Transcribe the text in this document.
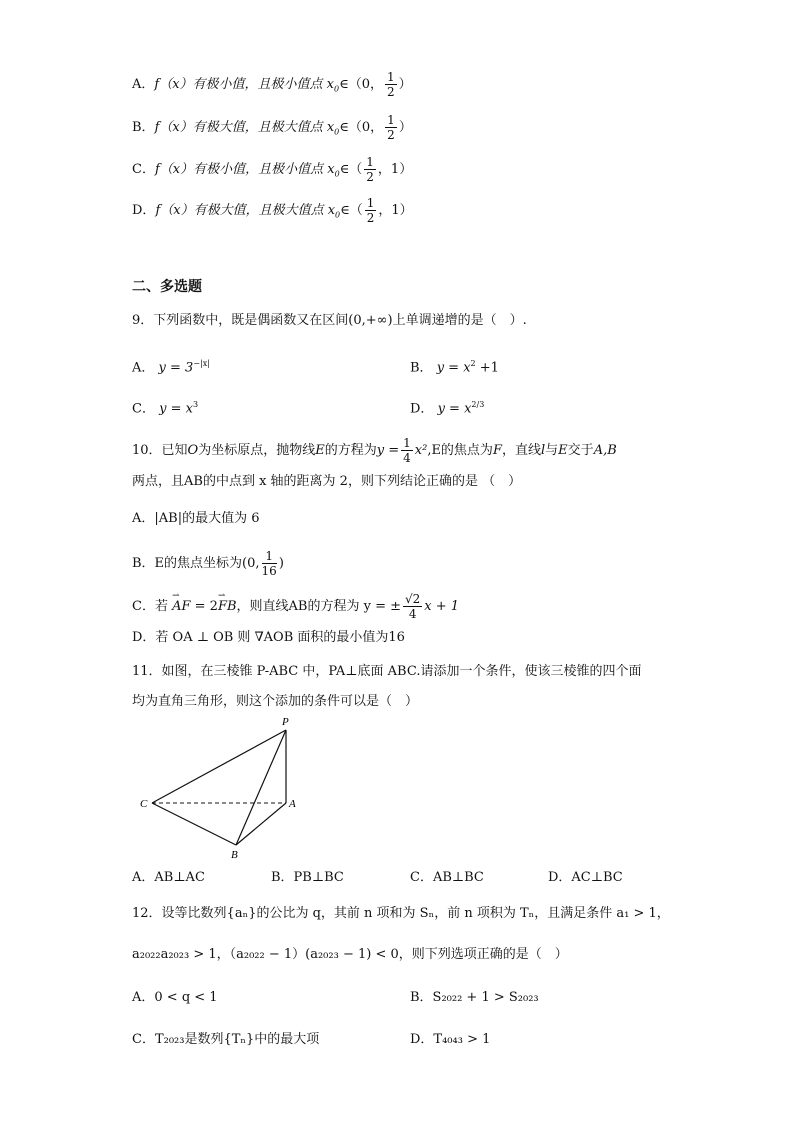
A．f（x）有极小值，且极小值点 $x_0\in(0$， $\frac{1}{2}$ ）
B．f（x）有极大值，且极大值点 $x_0\in(0$， $\frac{1}{2}$ ）
C．f（x）有极小值，且极小值点 $x_0\in( \frac{1}{2}$ ，1）
D．f（x）有极大值，且极大值点 $x_0\in( \frac{1}{2}$ ，1）
二、多选题
9．下列函数中，既是偶函数又在区间(0,+∞)上单调递增的是（　）.
A． $y = 3^{-|x|}$	B． $y = x^2 +1$
C． $y = x^3$	D． $y = x^{2/3}$
10．已知O为坐标原点，抛物线E的方程为$y = \frac{1}{4} x^2,E$的焦点为F，直线l与E交于A,B
两点，且AB的中点到 x 轴的距离为 2，则下列结论正确的是 （　）
A．|AB|的最大值为 6
B．E的焦点坐标为(0, $\frac{1}{16}$ )
C．若 ⇀ AF = 2⇀ FB，则直线AB的方程为 y = ± $\frac{√2}{4}$ x + 1
D．若 OA ⊥ OB 则 ∇AOB 面积的最小值为16
11．如图，在三棱锥 P-ABC 中，PA⊥底面 ABC.请添加一个条件，使该三棱锥的四个面
均为直角三角形，则这个添加的条件可以是（　）
P
A
B
C
A．AB⊥AC	B．PB⊥BC	C．AB⊥BC	D．AC⊥BC
12．设等比数列{aₙ}的公比为 q，其前 n 项和为 Sₙ，前 n 项积为 Tₙ，且满足条件 a₁ > 1，
a₂₀₂₂a₂₀₂₃ > 1，（a₂₀₂₂ − 1）(a₂₀₂₃ − 1) < 0，则下列选项正确的是（　）
A．0 < q < 1	B．S₂₀₂₂ + 1 > S₂₀₂₃
C．T₂₀₂₃是数列{Tₙ}中的最大项	D．T₄₀₄₃ > 1
